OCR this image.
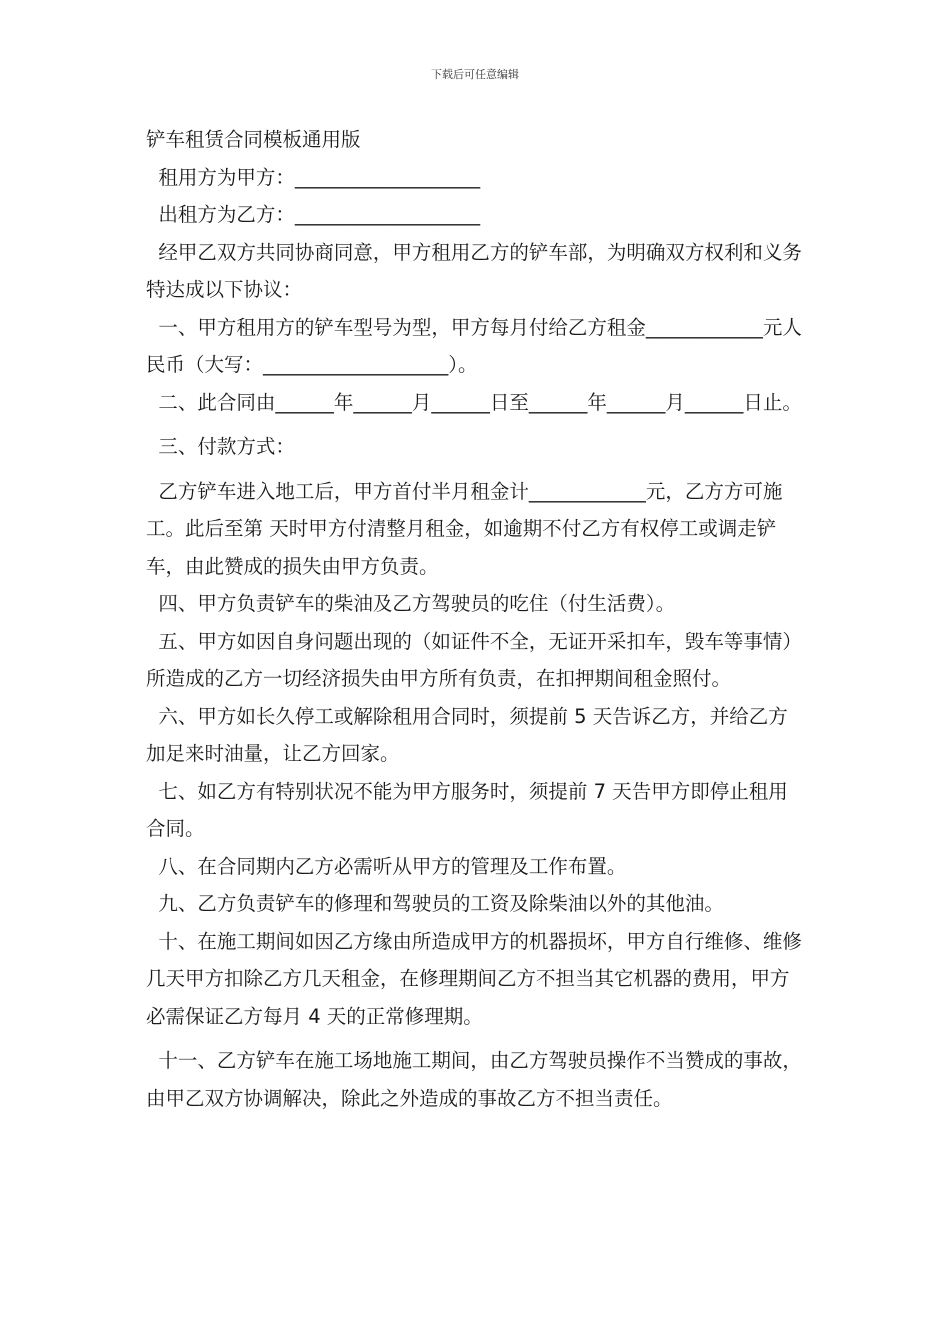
下载后可任意编辑

铲车租赁合同模板通用版

租用方为甲方：___________________

出租方为乙方：___________________

经甲乙双方共同协商同意，甲方租用乙方的铲车部，为明确双方权利和义务特达成以下协议：

一、甲方租用方的铲车型号为型，甲方每月付给乙方租金____________元人民币（大写：___________________）。

二、此合同由______年______月______日至______年______月______日止。

三、付款方式：

乙方铲车进入地工后，甲方首付半月租金计____________元，乙方方可施工。此后至第 天时甲方付清整月租金，如逾期不付乙方有权停工或调走铲车，由此赞成的损失由甲方负责。

四、甲方负责铲车的柴油及乙方驾驶员的吃住（付生活费）。

五、甲方如因自身问题出现的（如证件不全，无证开采扣车，毁车等事情）所造成的乙方一切经济损失由甲方所有负责，在扣押期间租金照付。

六、甲方如长久停工或解除租用合同时，须提前 5 天告诉乙方，并给乙方加足来时油量，让乙方回家。

七、如乙方有特别状况不能为甲方服务时，须提前 7 天告甲方即停止租用合同。

八、在合同期内乙方必需听从甲方的管理及工作布置。

九、乙方负责铲车的修理和驾驶员的工资及除柴油以外的其他油。

十、在施工期间如因乙方缘由所造成甲方的机器损坏，甲方自行维修、维修几天甲方扣除乙方几天租金，在修理期间乙方不担当其它机器的费用，甲方必需保证乙方每月 4 天的正常修理期。

十一、乙方铲车在施工场地施工期间，由乙方驾驶员操作不当赞成的事故，由甲乙双方协调解决，除此之外造成的事故乙方不担当责任。
